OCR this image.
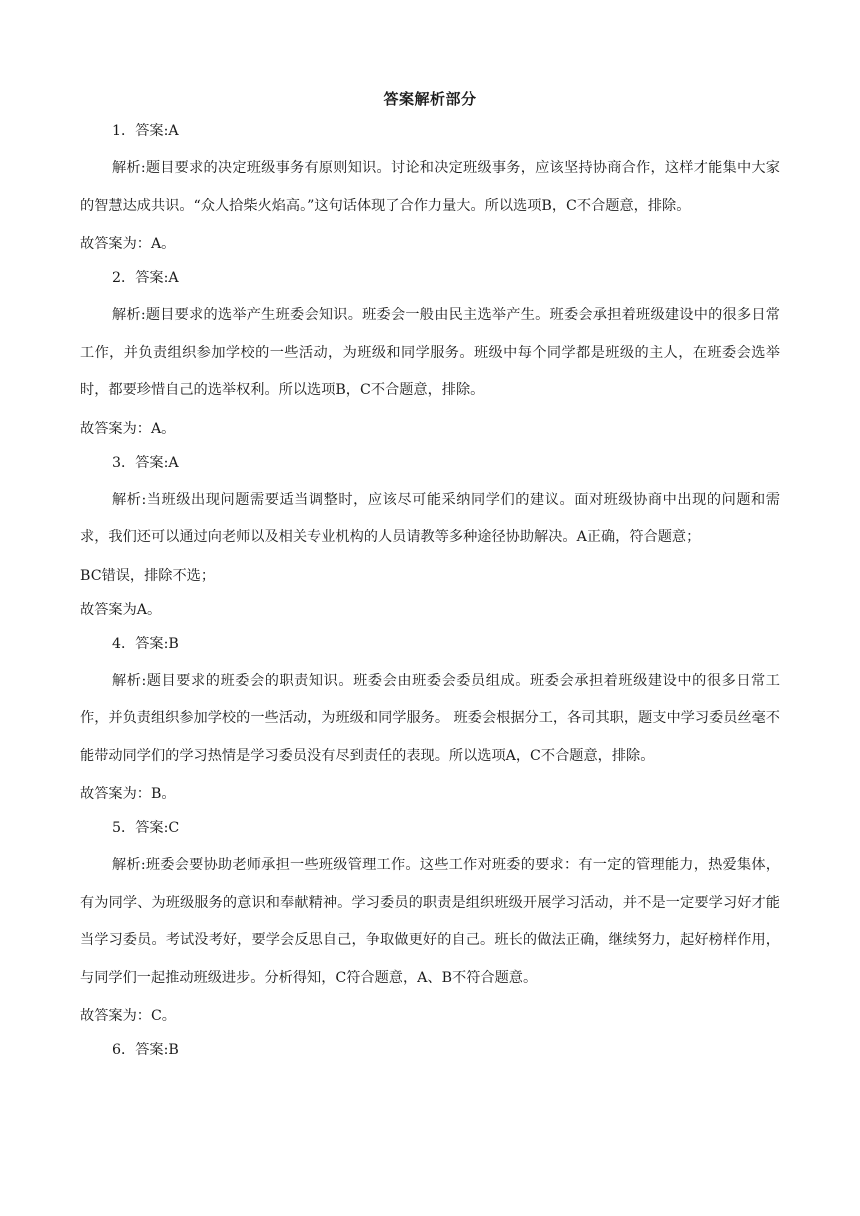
答案解析部分
1．答案:A
解析:题目要求的决定班级事务有原则知识。讨论和决定班级事务，应该坚持协商合作，这样才能集中大家的智慧达成共识。“众人拾柴火焰高。”这句话体现了合作力量大。所以选项B，C不合题意，排除。
故答案为：A。
2．答案:A
解析:题目要求的选举产生班委会知识。班委会一般由民主选举产生。班委会承担着班级建设中的很多日常工作，并负责组织参加学校的一些活动，为班级和同学服务。班级中每个同学都是班级的主人，在班委会选举时，都要珍惜自己的选举权利。所以选项B，C不合题意，排除。
故答案为：A。
3．答案:A
解析:当班级出现问题需要适当调整时，应该尽可能采纳同学们的建议。面对班级协商中出现的问题和需求，我们还可以通过向老师以及相关专业机构的人员请教等多种途径协助解决。A正确，符合题意；
BC错误，排除不选；
故答案为A。
4．答案:B
解析:题目要求的班委会的职责知识。班委会由班委会委员组成。班委会承担着班级建设中的很多日常工作，并负责组织参加学校的一些活动，为班级和同学服务。 班委会根据分工，各司其职，题支中学习委员丝毫不能带动同学们的学习热情是学习委员没有尽到责任的表现。所以选项A，C不合题意，排除。
故答案为：B。
5．答案:C
解析:班委会要协助老师承担一些班级管理工作。这些工作对班委的要求：有一定的管理能力，热爱集体，有为同学、为班级服务的意识和奉献精神。学习委员的职责是组织班级开展学习活动，并不是一定要学习好才能当学习委员。考试没考好，要学会反思自己，争取做更好的自己。班长的做法正确，继续努力，起好榜样作用，与同学们一起推动班级进步。分析得知，C符合题意，A、B不符合题意。
故答案为：C。
6．答案:B
